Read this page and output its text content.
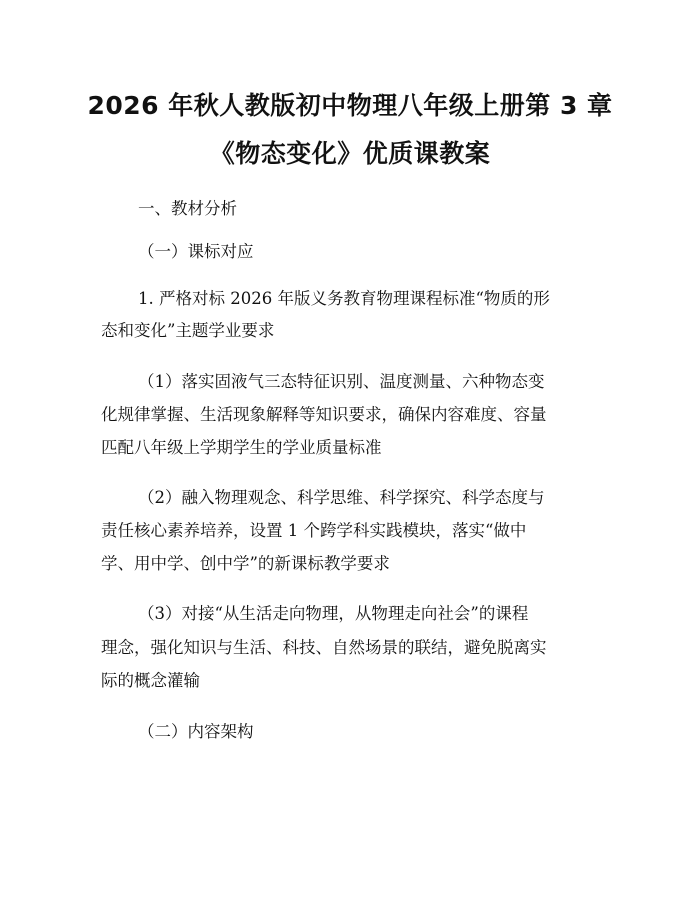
2026 年秋人教版初中物理八年级上册第 3 章
《物态变化》优质课教案
一、教材分析
（一）课标对应
1. 严格对标 2026 年版义务教育物理课程标准“物质的形
态和变化”主题学业要求
（1）落实固液气三态特征识别、温度测量、六种物态变
化规律掌握、生活现象解释等知识要求，确保内容难度、容量
匹配八年级上学期学生的学业质量标准
（2）融入物理观念、科学思维、科学探究、科学态度与
责任核心素养培养，设置 1 个跨学科实践模块，落实“做中
学、用中学、创中学”的新课标教学要求
（3）对接“从生活走向物理，从物理走向社会”的课程
理念，强化知识与生活、科技、自然场景的联结，避免脱离实
际的概念灌输
（二）内容架构
